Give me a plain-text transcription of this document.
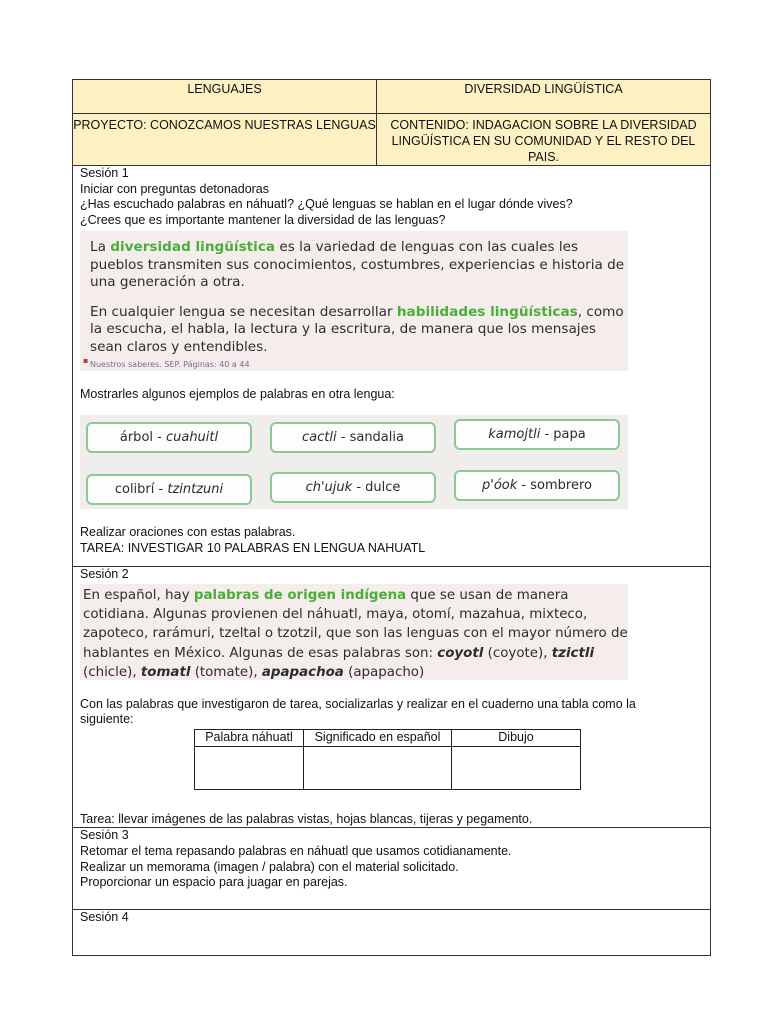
LENGUAJES	DIVERSIDAD LINGÜÍSTICA
PROYECTO: CONOZCAMOS NUESTRAS LENGUAS	CONTENIDO: INDAGACION SOBRE LA DIVERSIDAD LINGÜÍSTICA EN SU COMUNIDAD Y EL RESTO DEL PAIS.

Sesión 1
Iniciar con preguntas detonadoras
¿Has escuchado palabras en náhuatl? ¿Qué lenguas se hablan en el lugar dónde vives?
¿Crees que es importante mantener la diversidad de las lenguas?

La diversidad lingüística es la variedad de lenguas con las cuales les pueblos transmiten sus conocimientos, costumbres, experiencias e historia de una generación a otra.

En cualquier lengua se necesitan desarrollar habilidades lingüísticas, como la escucha, el habla, la lectura y la escritura, de manera que los mensajes sean claros y entendibles.

▪ Nuestros saberes. SEP. Páginas: 40 a 44
Mostrarles algunos ejemplos de palabras en otra lengua:
árbol - cuahuitl	cactli - sandalia	kamojtli - papa
colibrí - tzintzuni	ch'ujuk - dulce	p'óok - sombrero
Realizar oraciones con estas palabras.
TAREA: INVESTIGAR 10 PALABRAS EN LENGUA NAHUATL

Sesión 2
En español, hay palabras de origen indígena que se usan de manera cotidiana. Algunas provienen del náhuatl, maya, otomí, mazahua, mixteco, zapoteco, rarámuri, tzeltal o tzotzil, que son las lenguas con el mayor número de hablantes en México. Algunas de esas palabras son: coyotl (coyote), tzictli (chicle), tomatl (tomate), apapachoa (apapacho)
Con las palabras que investigaron de tarea, socializarlas y realizar en el cuaderno una tabla como la siguiente:
Palabra náhuatl	Significado en español	Dibujo

Tarea: llevar imágenes de las palabras vistas, hojas blancas, tijeras y pegamento.

Sesión 3
Retomar el tema repasando palabras en náhuatl que usamos cotidianamente.
Realizar un memorama (imagen / palabra) con el material solicitado.
Proporcionar un espacio para juagar en parejas.

Sesión 4
